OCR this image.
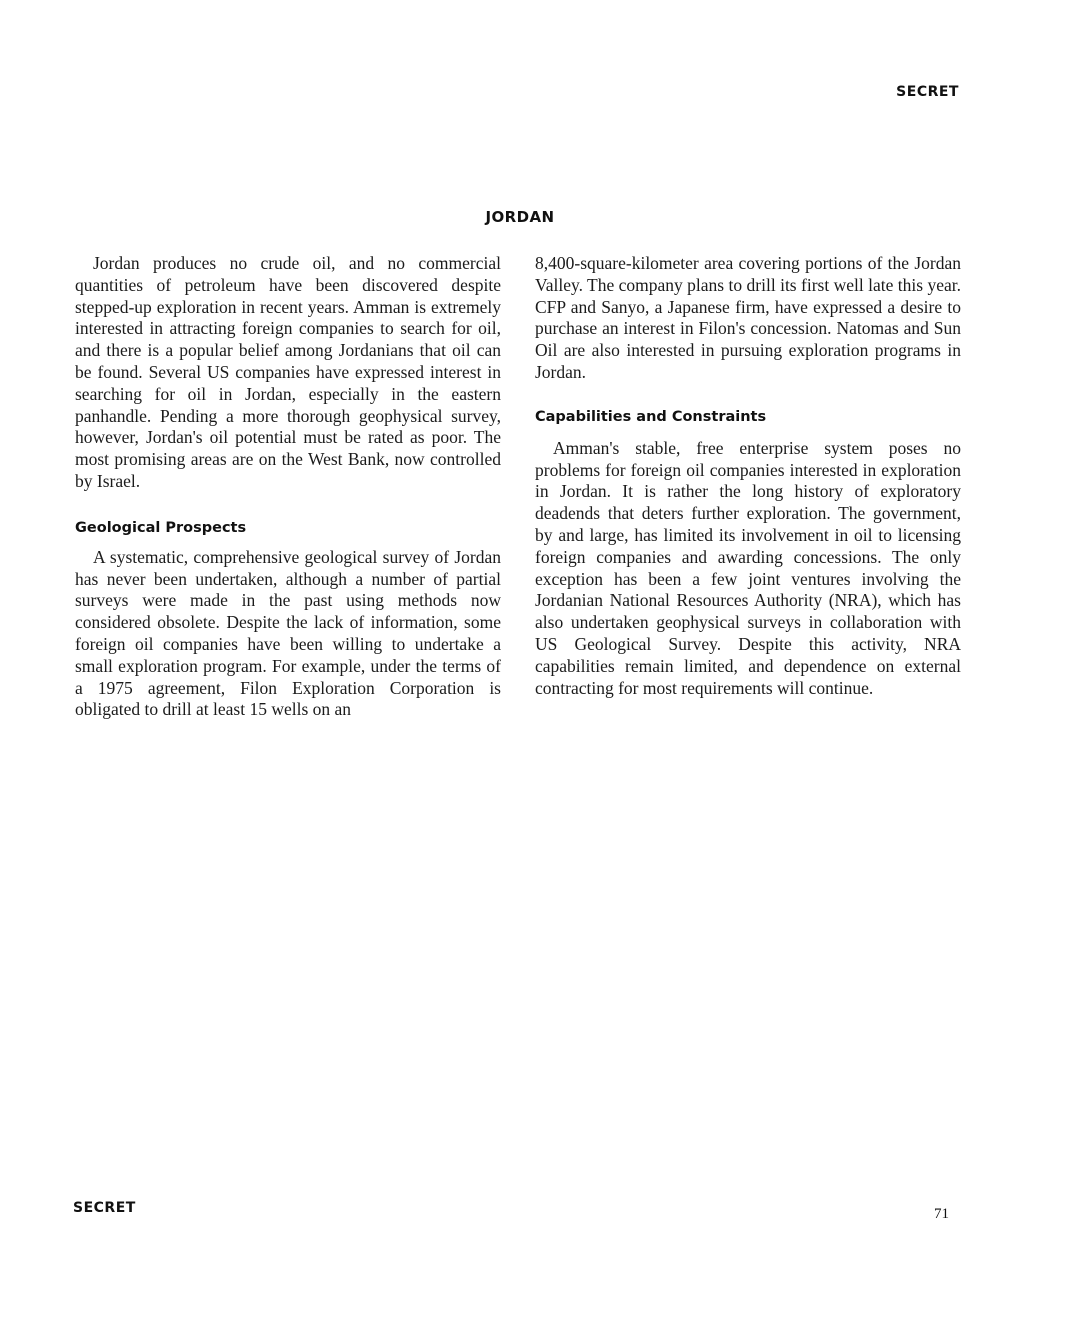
SECRET
JORDAN

Jordan produces no crude oil, and no commercial quantities of petroleum have been discovered despite stepped-up exploration in recent years. Amman is extremely interested in attracting foreign companies to search for oil, and there is a popular belief among Jordanians that oil can be found. Several US companies have expressed interest in searching for oil in Jordan, especially in the eastern panhandle. Pending a more thorough geophysical survey, however, Jordan's oil potential must be rated as poor. The most promising areas are on the West Bank, now controlled by Israel.

Geological Prospects

A systematic, comprehensive geological survey of Jordan has never been undertaken, although a number of partial surveys were made in the past using methods now considered obsolete. Despite the lack of information, some foreign oil companies have been willing to undertake a small exploration program. For example, under the terms of a 1975 agreement, Filon Exploration Corporation is obligated to drill at least 15 wells on an

8,400-square-kilometer area covering portions of the Jordan Valley. The company plans to drill its first well late this year. CFP and Sanyo, a Japanese firm, have expressed a desire to purchase an interest in Filon's concession. Natomas and Sun Oil are also interested in pursuing exploration programs in Jordan.

Capabilities and Constraints

Amman's stable, free enterprise system poses no problems for foreign oil companies interested in exploration in Jordan. It is rather the long history of exploratory deadends that deters further exploration. The government, by and large, has limited its involvement in oil to licensing foreign companies and awarding concessions. The only exception has been a few joint ventures involving the Jordanian National Resources Authority (NRA), which has also undertaken geophysical surveys in collaboration with US Geological Survey. Despite this activity, NRA capabilities remain limited, and dependence on external contracting for most requirements will continue.

SECRET	71
